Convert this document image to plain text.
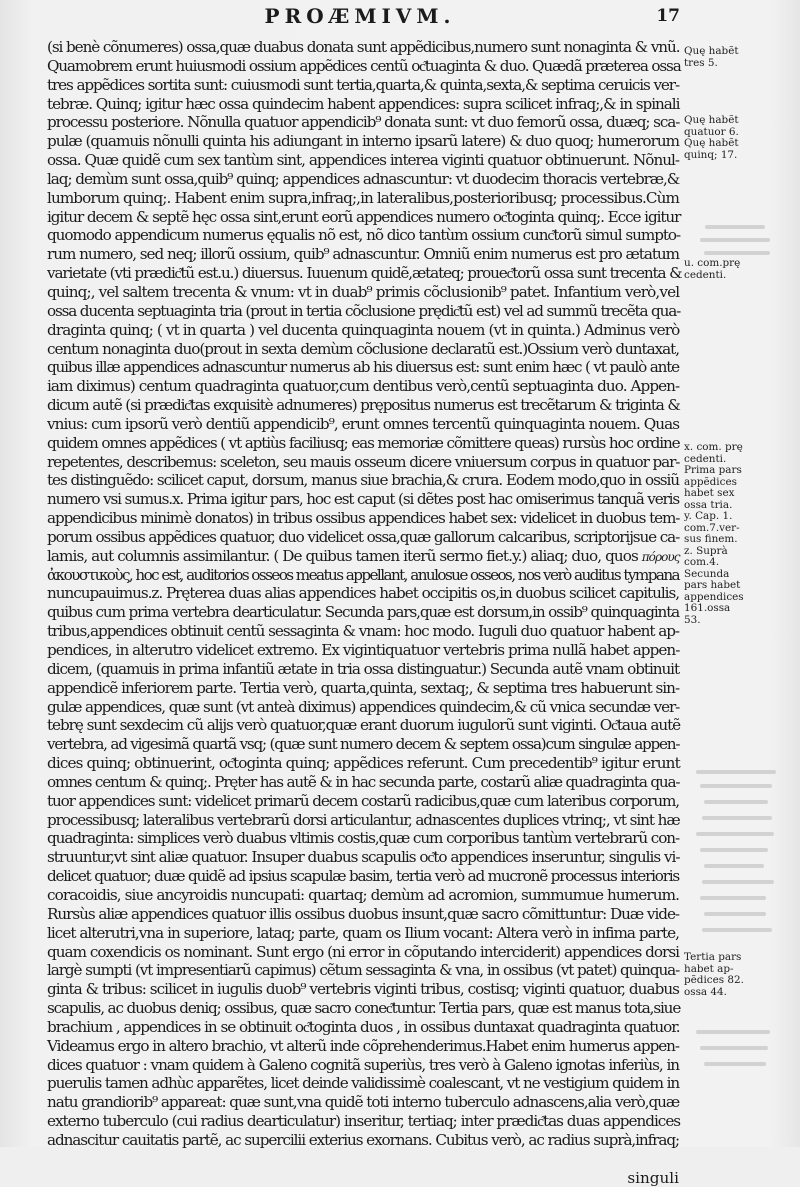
PROÆMIVM.	17
(si benè cõnumeres) ossa,quæ duabus donata sunt appẽdicibus,numero sunt nonaginta & vnũ.
Quamobrem erunt huiusmodi ossium appẽdices centũ oc͂tuaginta & duo. Quædã præterea ossa
tres appẽdices sortita sunt: cuiusmodi sunt tertia,quarta,& quinta,sexta,& septima ceruicis ver-
tebræ. Quinq; igitur hæc ossa quindecim habent appendices: supra scilicet infraq;,& in spinali
processu posteriore. Nõnulla quatuor appendicib⁹ donata sunt: vt duo femorũ ossa, duæq; sca-
pulæ (quamuis nõnulli quinta his adiungant in interno ipsarũ latere) & duo quoq; humerorum
ossa. Quæ quidẽ cum sex tantùm sint, appendices interea viginti quatuor obtinuerunt. Nõnul-
laq; demùm sunt ossa,quib⁹ quinq; appendices adnascuntur: vt duodecim thoracis vertebræ,&
lumborum quinq;. Habent enim supra,infraq;,in lateralibus,posterioribusq; processibus.Cùm
igitur decem & septẽ hęc ossa sint,erunt eorũ appendices numero oc͂toginta quinq;. Ecce igitur
quomodo appendicum numerus ęqualis nõ est, nõ dico tantùm ossium cunc͂torũ simul sumpto-
rum numero, sed neq; illorũ ossium, quib⁹ adnascuntur. Omniũ enim numerus est pro ætatum
varietate (vti prædic͂tũ est.u.) diuersus. Iuuenum quidẽ,ætateq; prouec͂torũ ossa sunt trecenta &
quinq;, vel saltem trecenta & vnum: vt in duab⁹ primis cõclusionib⁹ patet. Infantium verò,vel
ossa ducenta septuaginta tria (prout in tertia cõclusione prędic͂tũ est) vel ad summũ trecẽta qua-
draginta quinq; ( vt in quarta ) vel ducenta quinquaginta nouem (vt in quinta.) Adminus verò
centum nonaginta duo(prout in sexta demùm cõclusione declaratũ est.)Ossium verò duntaxat,
quibus illæ appendices adnascuntur numerus ab his diuersus est: sunt enim hæc ( vt paulò ante
iam diximus) centum quadraginta quatuor,cum dentibus verò,centũ septuaginta duo. Appen-
dicum autẽ (si prædic͂tas exquisitè adnumeres) prępositus numerus est trecẽtarum & triginta &
vnius: cum ipsorũ verò dentiũ appendicib⁹, erunt omnes tercentũ quinquaginta nouem. Quas
quidem omnes appẽdices ( vt aptiùs faciliusq; eas memoriæ cõmittere queas) rursùs hoc ordine
repetentes, describemus: sceleton, seu mauis osseum dicere vniuersum corpus in quatuor par-
tes distinguẽdo: scilicet caput, dorsum, manus siue brachia,& crura. Eodem modo,quo in ossiũ
numero vsi sumus.x. Prima igitur pars, hoc est caput (si dẽtes post hac omiserimus tanquã veris
appendicibus minimè donatos) in tribus ossibus appendices habet sex: videlicet in duobus tem-
porum ossibus appẽdices quatuor, duo videlicet ossa,quæ gallorum calcaribus, scriptorijsue ca-
lamis, aut columnis assimilantur. ( De quibus tamen iterũ sermo fiet.y.) aliaq; duo, quos πόρους
ἀκουστικοὺς, hoc est, auditorios osseos meatus appellant, anulosue osseos, nos verò auditus tympana
nuncupauimus.z. Pręterea duas alias appendices habet occipitis os,in duobus scilicet capitulis,
quibus cum prima vertebra dearticulatur. Secunda pars,quæ est dorsum,in ossib⁹ quinquaginta
tribus,appendices obtinuit centũ sessaginta & vnam: hoc modo. Iuguli duo quatuor habent ap-
pendices, in alterutro videlicet extremo. Ex vigintiquatuor vertebris prima nullã habet appen-
dicem, (quamuis in prima infantiũ ætate in tria ossa distinguatur.) Secunda autẽ vnam obtinuit
appendicẽ inferiorem parte. Tertia verò, quarta,quinta, sextaq;, & septima tres habuerunt sin-
gulæ appendices, quæ sunt (vt anteà diximus) appendices quindecim,& cũ vnica secundæ ver-
tebrę sunt sexdecim cũ alijs verò quatuor,quæ erant duorum iugulorũ sunt viginti. Oc͂taua autẽ
vertebra, ad vigesimã quartã vsq; (quæ sunt numero decem & septem ossa)cum singulæ appen-
dices quinq; obtinuerint, oc͂toginta quinq; appẽdices referunt. Cum precedentib⁹ igitur erunt
omnes centum & quinq;. Pręter has autẽ & in hac secunda parte, costarũ aliæ quadraginta qua-
tuor appendices sunt: videlicet primarũ decem costarũ radicibus,quæ cum lateribus corporum,
processibusq; lateralibus vertebrarũ dorsi articulantur, adnascentes duplices vtrinq;, vt sint hæ
quadraginta: simplices verò duabus vltimis costis,quæ cum corporibus tantùm vertebrarũ con-
struuntur,vt sint aliæ quatuor. Insuper duabus scapulis oc͂to appendices inseruntur, singulis vi-
delicet quatuor; duæ quidẽ ad ipsius scapulæ basim, tertia verò ad mucronẽ processus interioris
coracoidis, siue ancyroidis nuncupati: quartaq; demùm ad acromion, summumue humerum.
Rursùs aliæ appendices quatuor illis ossibus duobus insunt,quæ sacro cõmittuntur: Duæ vide-
licet alterutri,vna in superiore, lataq; parte, quam os Ilium vocant: Altera verò in infima parte,
quam coxendicis os nominant. Sunt ergo (ni error in cõputando interciderit) appendices dorsi
largè sumpti (vt impresentiarũ capimus) cẽtum sessaginta & vna, in ossibus (vt patet) quinqua-
ginta & tribus: scilicet in iugulis duob⁹ vertebris viginti tribus, costisq; viginti quatuor, duabus
scapulis, ac duobus deniq; ossibus, quæ sacro conec͂tuntur. Tertia pars, quæ est manus tota,siue
brachium , appendices in se obtinuit oc͂toginta duos , in ossibus duntaxat quadraginta quatuor.
Videamus ergo in altero brachio, vt alterũ inde cõprehenderimus.Habet enim humerus appen-
dices quatuor : vnam quidem à Galeno cognitã superiùs, tres verò à Galeno ignotas inferiùs, in
puerulis tamen adhùc apparẽtes, licet deinde validissimè coalescant, vt ne vestigium quidem in
natu grandiorib⁹ appareat: quæ sunt,vna quidẽ toti interno tuberculo adnascens,alia verò,quæ
externo tuberculo (cui radius dearticulatur) inseritur, tertiaq; inter prædic͂tas duas appendices
adnascitur cauitatis partẽ, ac supercilii exterius exornans. Cubitus verò, ac radius suprà,infraq;
singuli
Quę habẽt
tres 5.
Quę habẽt
quatuor 6.
Quę habẽt
quinq; 17.
u. com.prę
cedenti.
x. com. prę
cedenti.
Prima pars
appẽdices
habet sex
ossa tria.
y. Cap. 1.
com.7.ver-
sus finem.
z. Suprà
com.4.
Secunda
pars habet
appendices
161.ossa
53.
Tertia pars
habet ap-
pẽdices 82.
ossa 44.
